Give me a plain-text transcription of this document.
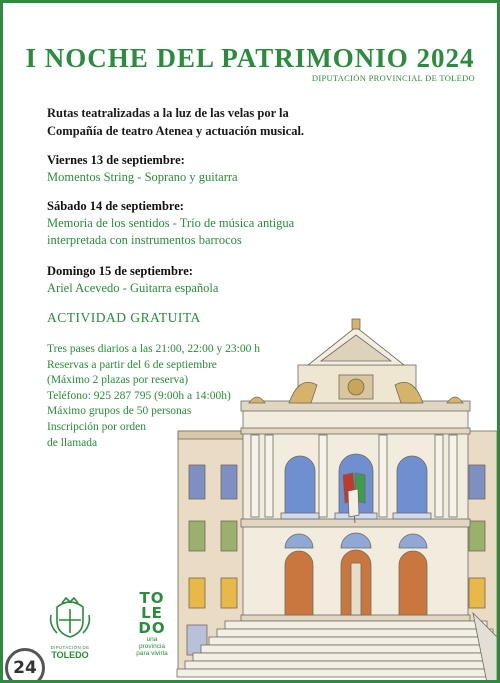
I NOCHE DEL PATRIMONIO 2024
DIPUTACIÓN PROVINCIAL DE TOLEDO
Rutas teatralizadas a la luz de las velas por la
Compañía de teatro Atenea y actuación musical.
Viernes 13 de septiembre:
Momentos String - Soprano y guitarra
Sábado 14 de septiembre:
Memoria de los sentidos - Trío de música antigua
interpretada con instrumentos barrocos
Domingo 15 de septiembre:
Ariel Acevedo - Guitarra española
ACTIVIDAD GRATUITA
Tres pases diarios a las 21:00, 22:00 y 23:00 h
Reservas a partir del 6 de septiembre
(Máximo 2 plazas por reserva)
Teléfono: 925 287 795 (9:00h a 14:00h)
Máximo grupos de 50 personas
Inscripción por orden
de llamada
DIPUTACIÓN DE
TOLEDO
TO
LE
DO
una
provincia
para vivirla
24
